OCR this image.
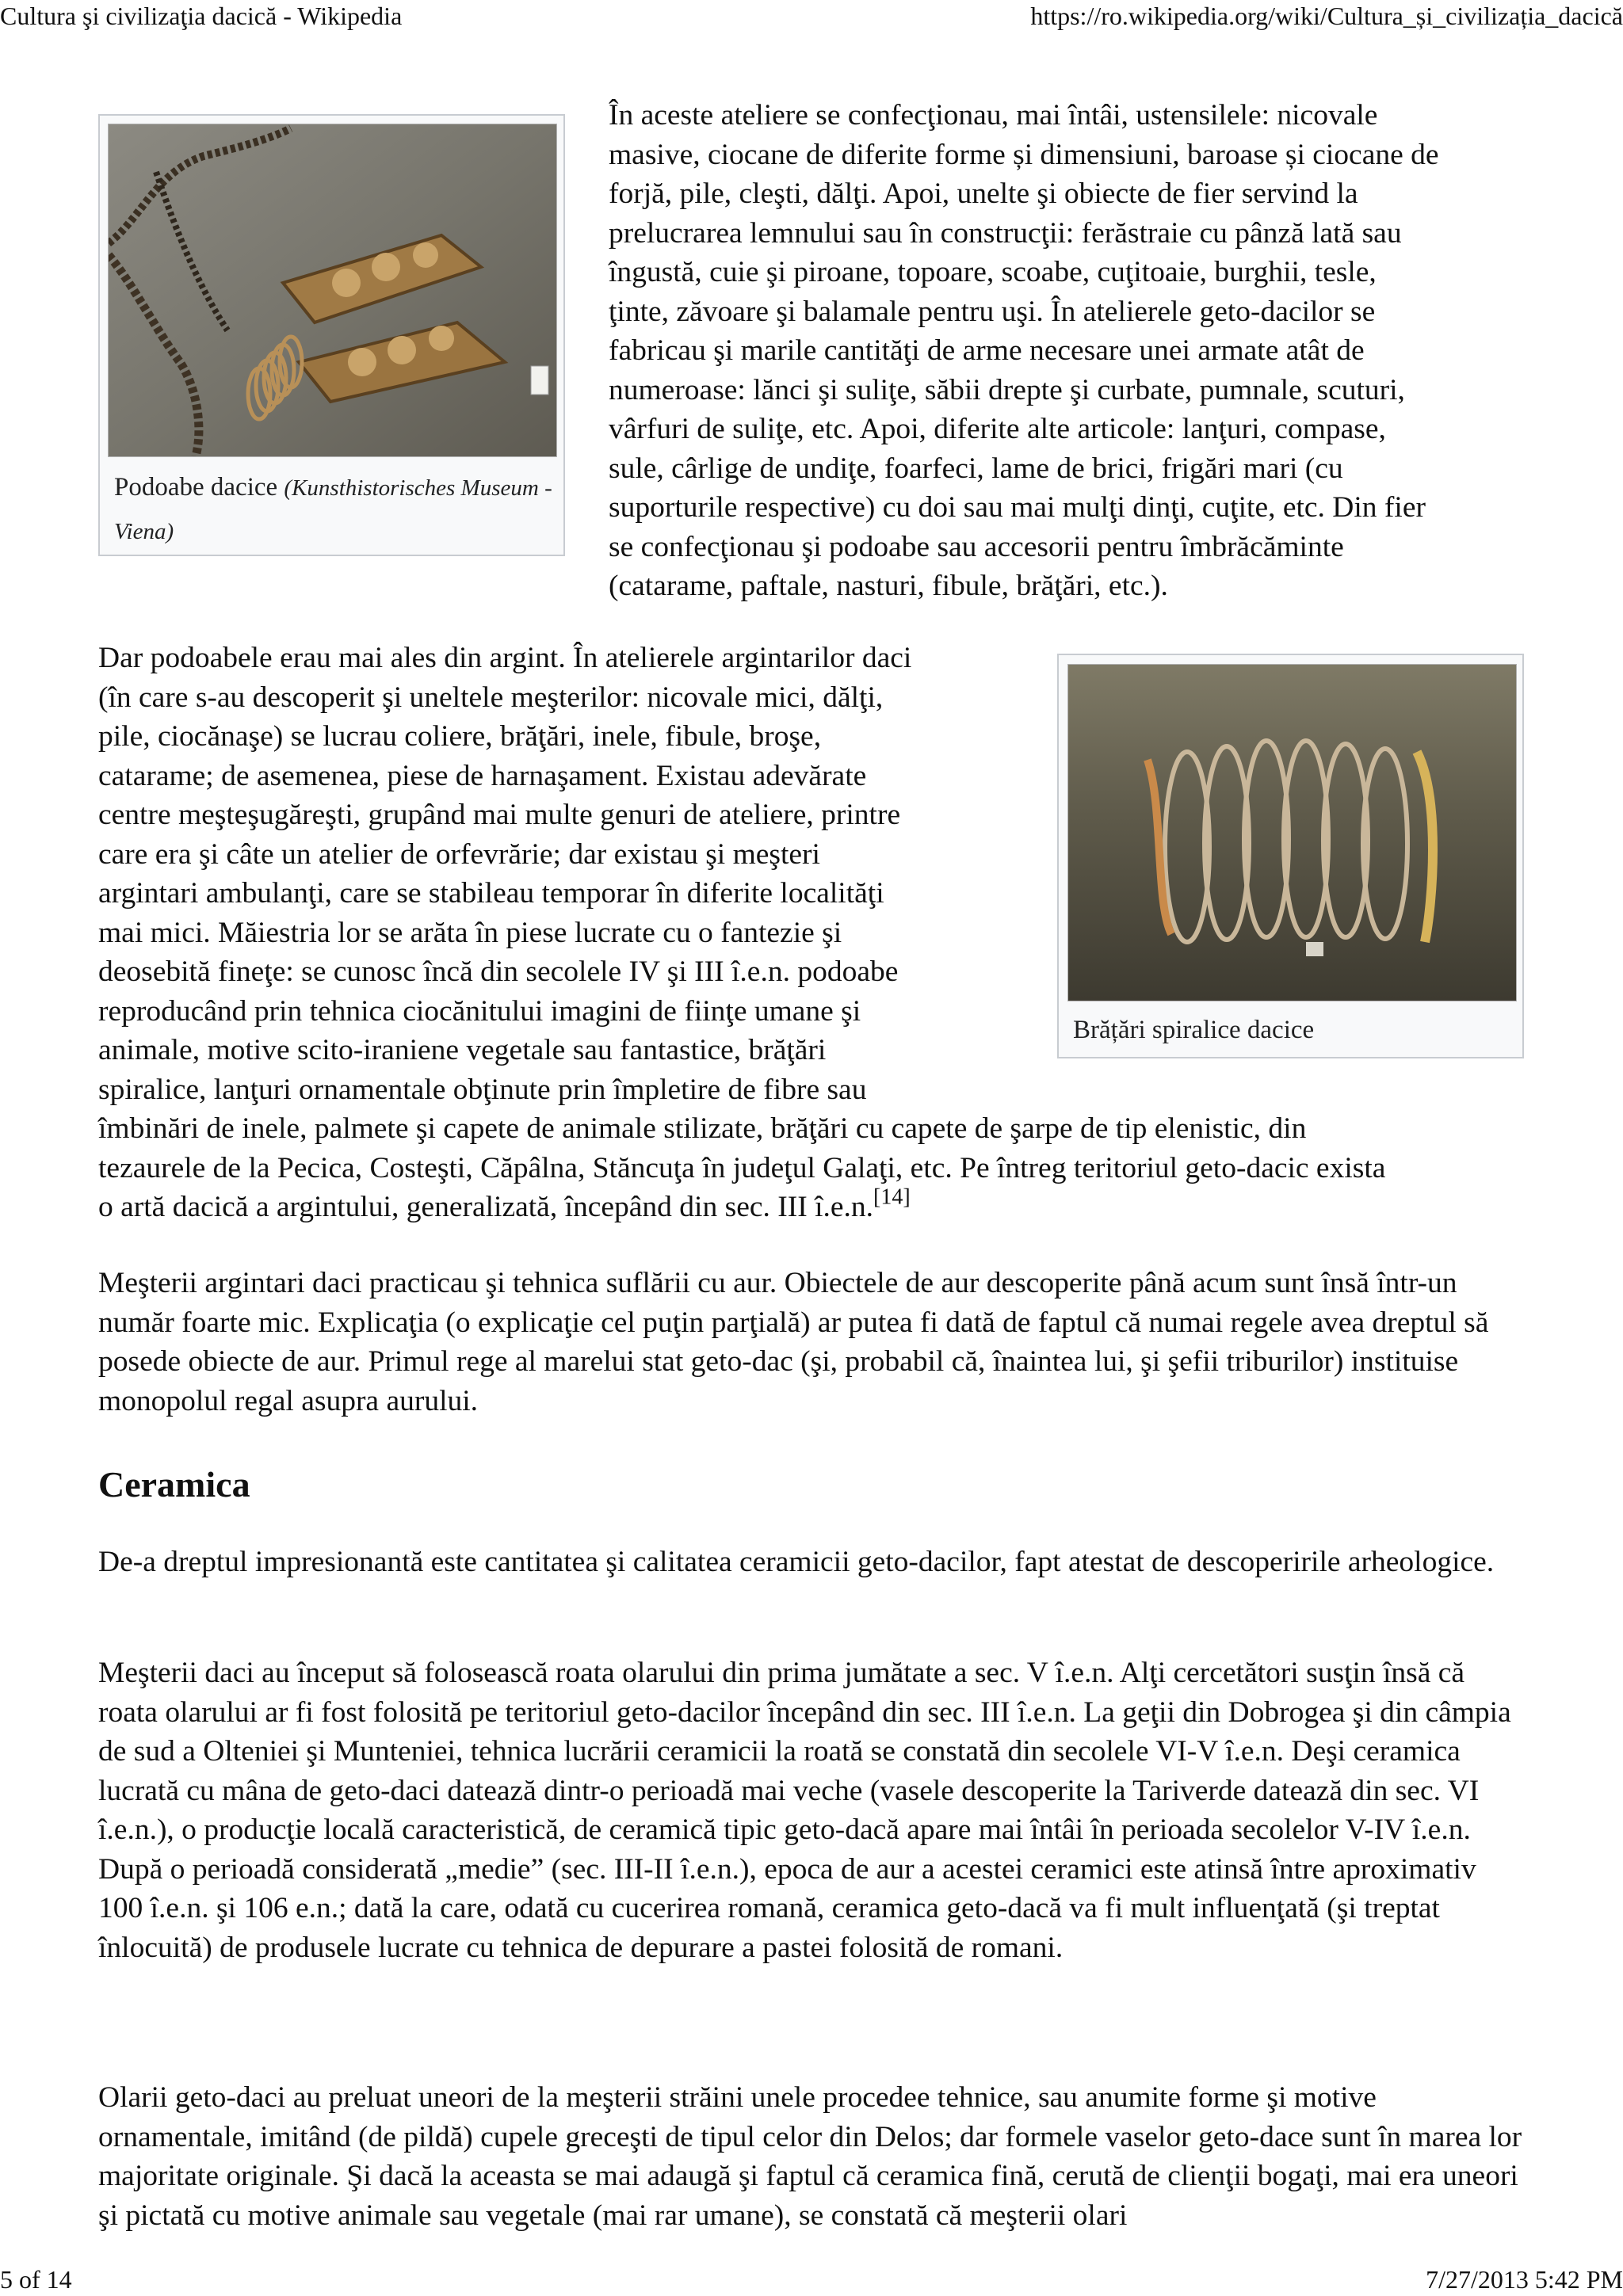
Cultura şi civilizaţia dacică - Wikipedia	https://ro.wikipedia.org/wiki/Cultura_și_civilizația_dacică
5 of 14	7/27/2013 5:42 PM
Podoabe dacice (Kunsthistorisches Museum - Viena)
În aceste ateliere se confecţionau, mai întâi, ustensilele: nicovale
masive, ciocane de diferite forme și dimensiuni, baroase și ciocane de
forjă, pile, cleşti, dălţi. Apoi, unelte şi obiecte de fier servind la
prelucrarea lemnului sau în construcţii: ferăstraie cu pânză lată sau
îngustă, cuie şi piroane, topoare, scoabe, cuţitoaie, burghii, tesle,
ţinte, zăvoare şi balamale pentru uşi. În atelierele geto-dacilor se
fabricau şi marile cantităţi de arme necesare unei armate atât de
numeroase: lănci şi suliţe, săbii drepte şi curbate, pumnale, scuturi,
vârfuri de suliţe, etc. Apoi, diferite alte articole: lanţuri, compase,
sule, cârlige de undiţe, foarfeci, lame de brici, frigări mari (cu
suporturile respective) cu doi sau mai mulţi dinţi, cuţite, etc. Din fier
se confecţionau şi podoabe sau accesorii pentru îmbrăcăminte
(catarame, paftale, nasturi, fibule, brăţări, etc.).
Brățări spiralice dacice
Dar podoabele erau mai ales din argint. În atelierele argintarilor daci
(în care s-au descoperit şi uneltele meşterilor: nicovale mici, dălţi,
pile, ciocănaşe) se lucrau coliere, brăţări, inele, fibule, broşe,
catarame; de asemenea, piese de harnaşament. Existau adevărate
centre meşteşugăreşti, grupând mai multe genuri de ateliere, printre
care era şi câte un atelier de orfevrărie; dar existau şi meşteri
argintari ambulanţi, care se stabileau temporar în diferite localităţi
mai mici. Măiestria lor se arăta în piese lucrate cu o fantezie şi
deosebită fineţe: se cunosc încă din secolele IV şi III î.e.n. podoabe
reproducând prin tehnica ciocănitului imagini de fiinţe umane şi
animale, motive scito-iraniene vegetale sau fantastice, brăţări
spiralice, lanţuri ornamentale obţinute prin împletire de fibre sau
îmbinări de inele, palmete şi capete de animale stilizate, brăţări cu capete de şarpe de tip elenistic, din
tezaurele de la Pecica, Costeşti, Căpâlna, Stăncuţa în judeţul Galaţi, etc. Pe întreg teritoriul geto-dacic exista
o artă dacică a argintului, generalizată, începând din sec. III î.e.n.[14]

Meşterii argintari daci practicau şi tehnica suflării cu aur. Obiectele de aur descoperite până acum sunt însă într-un număr foarte mic. Explicaţia (o explicaţie cel puţin parţială) ar putea fi dată de faptul că numai regele avea dreptul să posede obiecte de aur. Primul rege al marelui stat geto-dac (şi, probabil că, înaintea lui, şi şefii triburilor) instituise monopolul regal asupra aurului.

Ceramica

De-a dreptul impresionantă este cantitatea şi calitatea ceramicii geto-dacilor, fapt atestat de descoperirile arheologice.

Meşterii daci au început să folosească roata olarului din prima jumătate a sec. V î.e.n. Alţi cercetători susţin însă că roata olarului ar fi fost folosită pe teritoriul geto-dacilor începând din sec. III î.e.n. La geţii din Dobrogea şi din câmpia de sud a Olteniei şi Munteniei, tehnica lucrării ceramicii la roată se constată din secolele VI-V î.e.n. Deşi ceramica lucrată cu mâna de geto-daci datează dintr-o perioadă mai veche (vasele descoperite la Tariverde datează din sec. VI î.e.n.), o producţie locală caracteristică, de ceramică tipic geto-dacă apare mai întâi în perioada secolelor V-IV î.e.n. După o perioadă considerată „medie” (sec. III-II î.e.n.), epoca de aur a acestei ceramici este atinsă între aproximativ 100 î.e.n. şi 106 e.n.; dată la care, odată cu cucerirea romană, ceramica geto-dacă va fi mult influenţată (şi treptat înlocuită) de produsele lucrate cu tehnica de depurare a pastei folosită de romani.

Olarii geto-daci au preluat uneori de la meşterii străini unele procedee tehnice, sau anumite forme şi motive ornamentale, imitând (de pildă) cupele greceşti de tipul celor din Delos; dar formele vaselor geto-dace sunt în marea lor majoritate originale. Şi dacă la aceasta se mai adaugă şi faptul că ceramica fină, cerută de clienţii bogaţi, mai era uneori şi pictată cu motive animale sau vegetale (mai rar umane), se constată că meşterii olari
